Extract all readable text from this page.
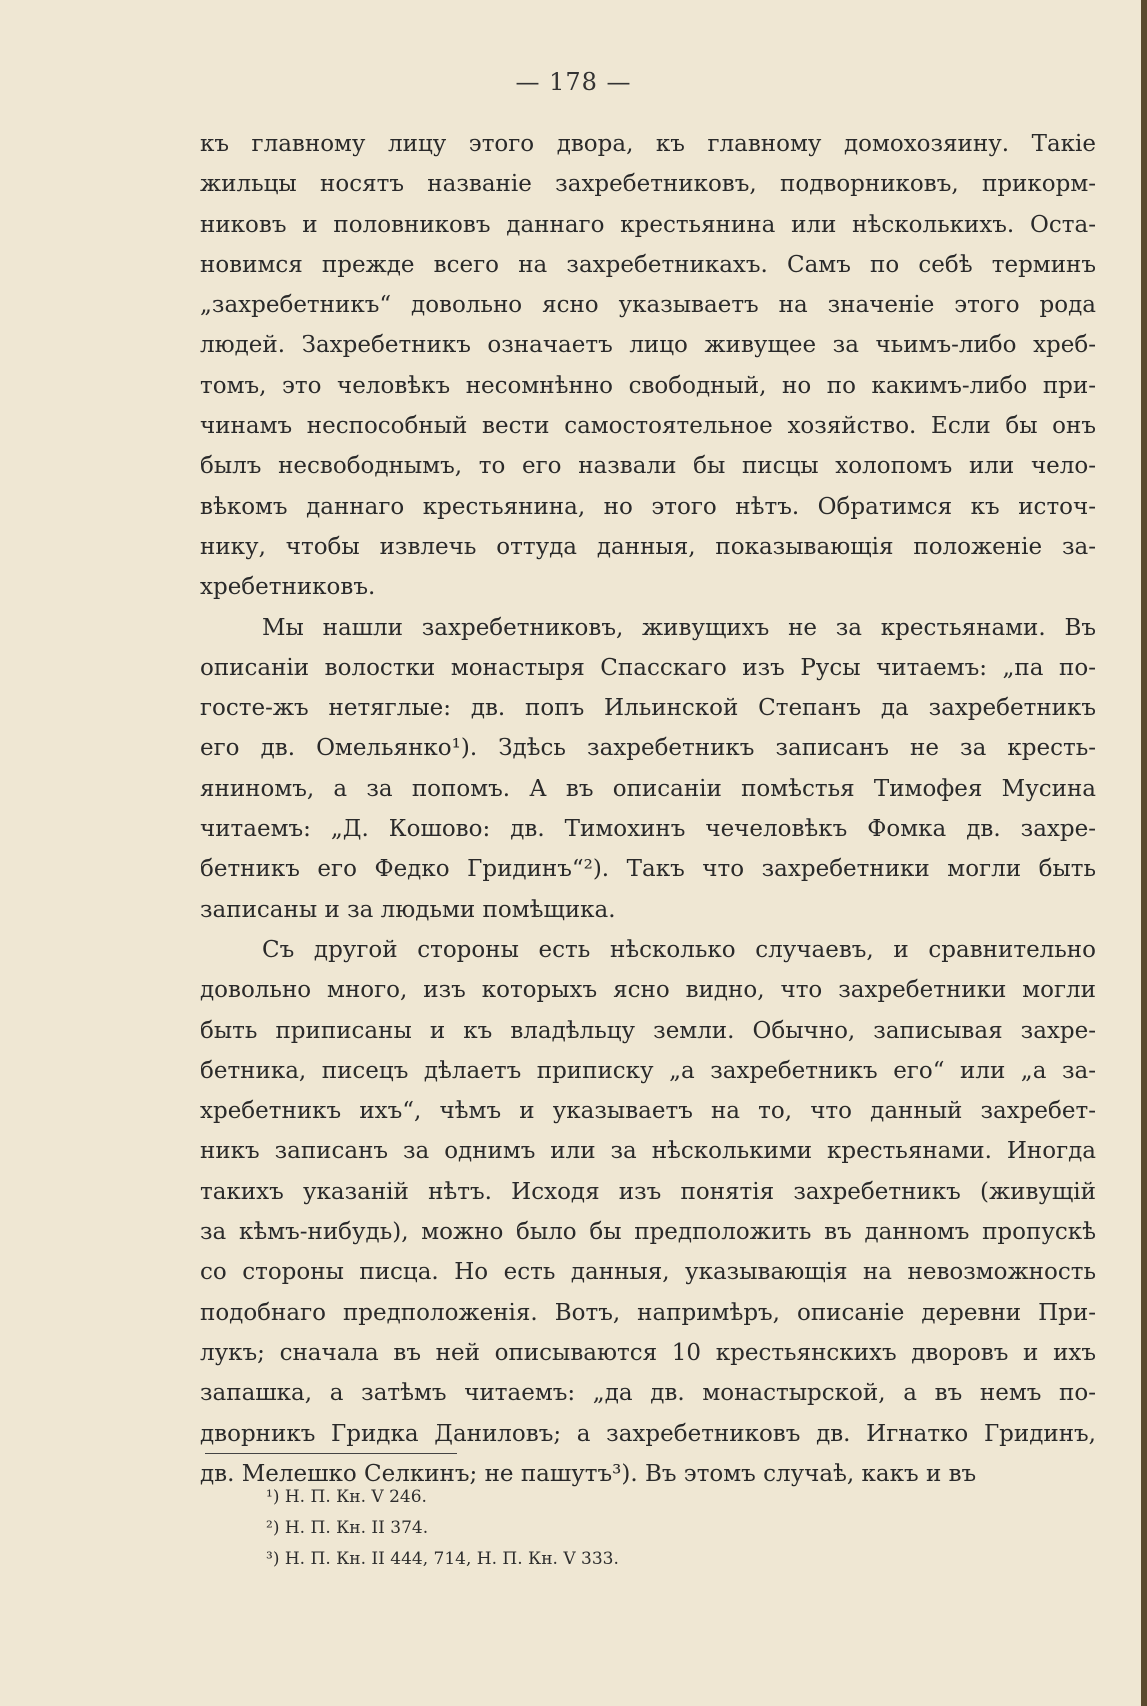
— 178 —
къ главному лицу этого двора, къ главному домохозяину. Такіе
жильцы носятъ названіе захребетниковъ, подворниковъ, прикорм-
никовъ и половниковъ даннаго крестьянина или нѣсколькихъ. Оста-
новимся прежде всего на захребетникахъ. Самъ по себѣ терминъ
„захребетникъ“ довольно ясно указываетъ на значеніе этого рода
людей. Захребетникъ означаетъ лицо живущее за чьимъ-либо хреб-
томъ, это человѣкъ несомнѣнно свободный, но по какимъ-либо при-
чинамъ неспособный вести самостоятельное хозяйство. Если бы онъ
былъ несвободнымъ, то его назвали бы писцы холопомъ или чело-
вѣкомъ даннаго крестьянина, но этого нѣтъ. Обратимся къ источ-
нику, чтобы извлечь оттуда данныя, показывающія положеніе за-
хребетниковъ.
Мы нашли захребетниковъ, живущихъ не за крестьянами. Въ
описаніи волостки монастыря Спасскаго изъ Русы читаемъ: „па по-
госте-жъ нетяглые: дв. попъ Ильинской Степанъ да захребетникъ
его дв. Омельянко¹). Здѣсь захребетникъ записанъ не за кресть-
яниномъ, а за попомъ. А въ описаніи помѣстья Тимофея Мусина
читаемъ: „Д. Кошово: дв. Тимохинъ чечеловѣкъ Фомка дв. захре-
бетникъ его Федко Гридинъ“²). Такъ что захребетники могли быть
записаны и за людьми помѣщика.
Съ другой стороны есть нѣсколько случаевъ, и сравнительно
довольно много, изъ которыхъ ясно видно, что захребетники могли
быть приписаны и къ владѣльцу земли. Обычно, записывая захре-
бетника, писецъ дѣлаетъ приписку „а захребетникъ его“ или „а за-
хребетникъ ихъ“, чѣмъ и указываетъ на то, что данный захребет-
никъ записанъ за однимъ или за нѣсколькими крестьянами. Иногда
такихъ указаній нѣтъ. Исходя изъ понятія захребетникъ (живущій
за кѣмъ-нибудь), можно было бы предположить въ данномъ пропускѣ
со стороны писца. Но есть данныя, указывающія на невозможность
подобнаго предположенія. Вотъ, напримѣръ, описаніе деревни При-
лукъ; сначала въ ней описываются 10 крестьянскихъ дворовъ и ихъ
запашка, а затѣмъ читаемъ: „да дв. монастырской, а въ немъ по-
дворникъ Гридка Даниловъ; а захребетниковъ дв. Игнатко Гридинъ,
дв. Мелешко Селкинъ; не пашутъ³). Въ этомъ случаѣ, какъ и въ
¹) Н. П. Кн. V 246.
²) Н. П. Кн. II 374.
³) Н. П. Кн. II 444, 714, Н. П. Кн. V 333.
